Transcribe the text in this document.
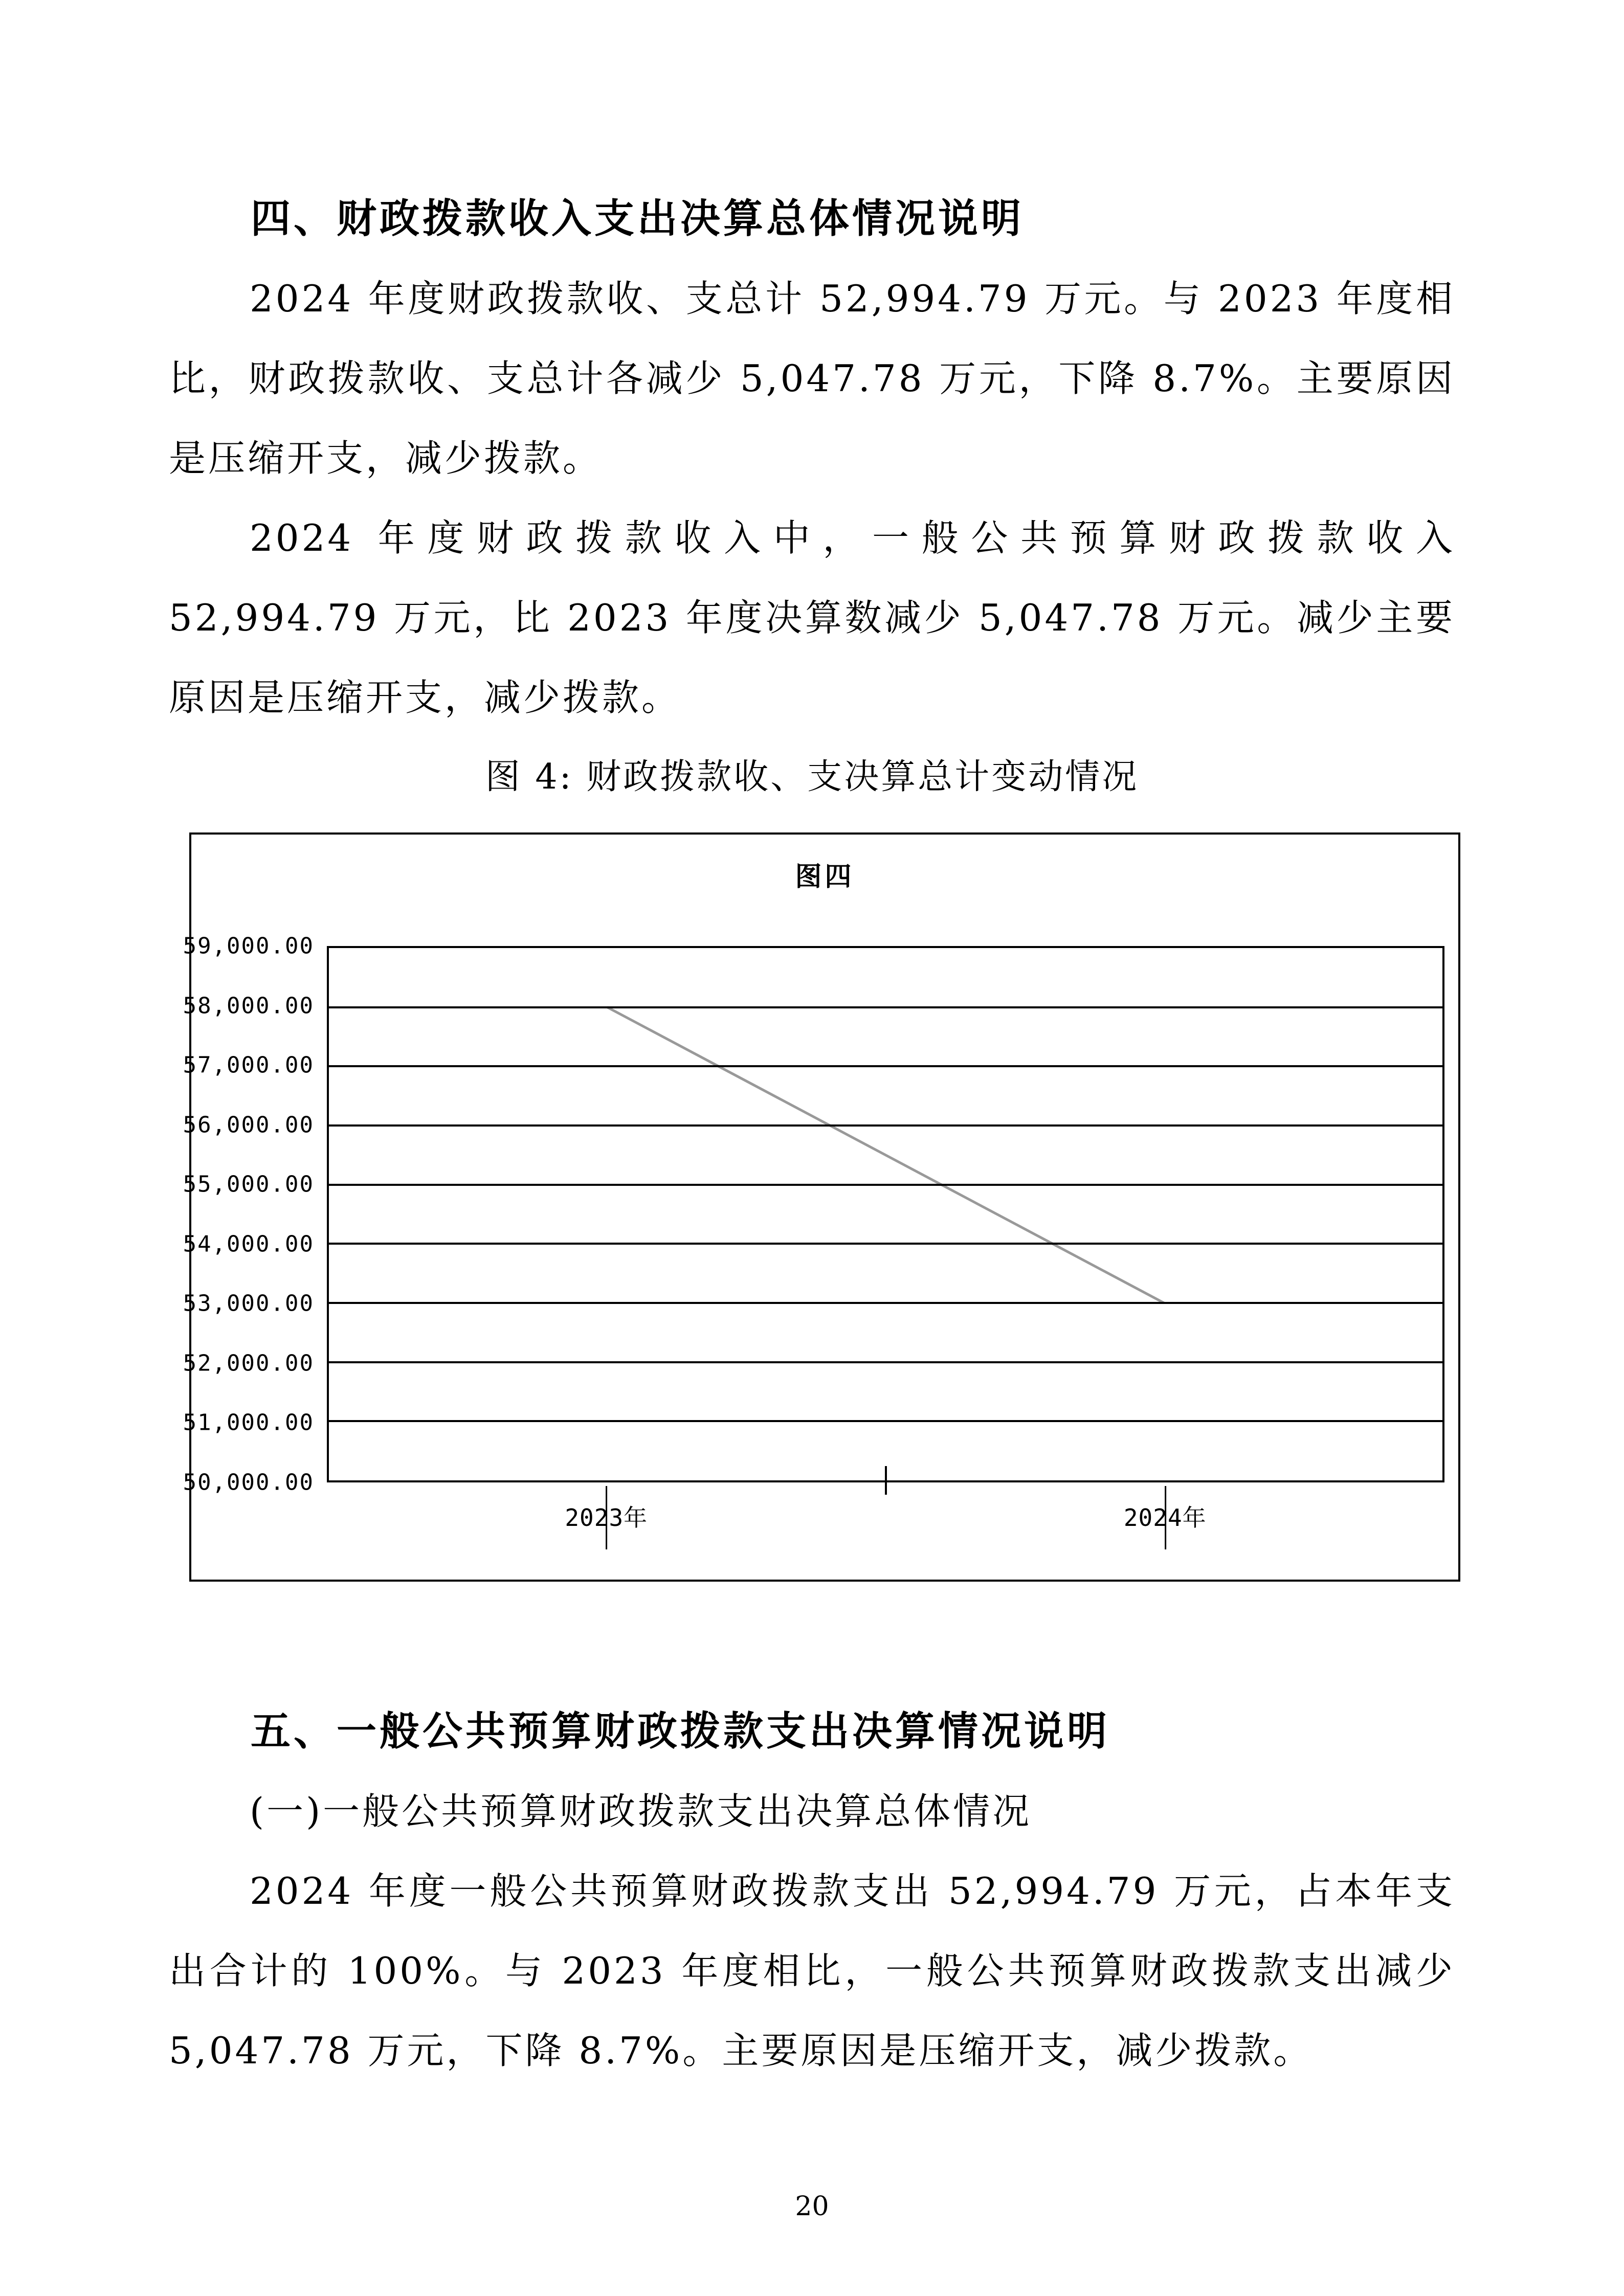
四、财政拨款收入支出决算总体情况说明

2024 年度财政拨款收、支总计 52,994.79 万元。与 2023 年度相比，财政拨款收、支总计各减少 5,047.78 万元，下降 8.7%。主要原因是压缩开支，减少拨款。

2024 年度财政拨款收入中，一般公共预算财政拨款收入 52,994.79 万元，比 2023 年度决算数减少 5,047.78 万元。减少主要原因是压缩开支，减少拨款。

图 4: 财政拨款收、支决算总计变动情况
图四
50,000.00
51,000.00
52,000.00
53,000.00
54,000.00
55,000.00
56,000.00
57,000.00
58,000.00
59,000.00
2023年	2024年
五、一般公共预算财政拨款支出决算情况说明
(一)一般公共预算财政拨款支出决算总体情况

2024 年度一般公共预算财政拨款支出 52,994.79 万元，占本年支出合计的 100%。与 2023 年度相比，一般公共预算财政拨款支出减少 5,047.78 万元，下降 8.7%。主要原因是压缩开支，减少拨款。

20
